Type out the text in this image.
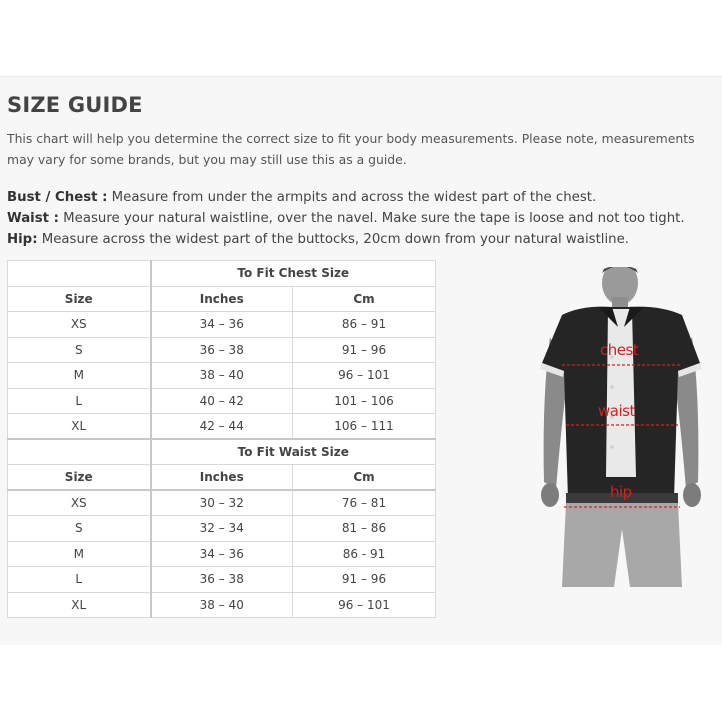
SIZE GUIDE

This chart will help you determine the correct size to fit your body measurements. Please note, measurements may vary for some brands, but you may still use this as a guide.

Bust / Chest : Measure from under the armpits and across the widest part of the chest.
Waist : Measure your natural waistline, over the navel. Make sure the tape is loose and not too tight.
Hip: Measure across the widest part of the buttocks, 20cm down from your natural waistline.
	To Fit Chest Size	
Size	Inches	Cm
XS	34 – 36	86 – 91
S	36 – 38	91 – 96
M	38 – 40	96 – 101
L	40 – 42	101 – 106
XL	42 – 44	106 – 111
	To Fit Waist Size	
Size	Inches	Cm
XS	30 – 32	76 – 81
S	32 – 34	81 – 86
M	34 – 36	86 - 91
L	36 – 38	91 – 96
XL	38 – 40	96 – 101
chest
waist
hip
